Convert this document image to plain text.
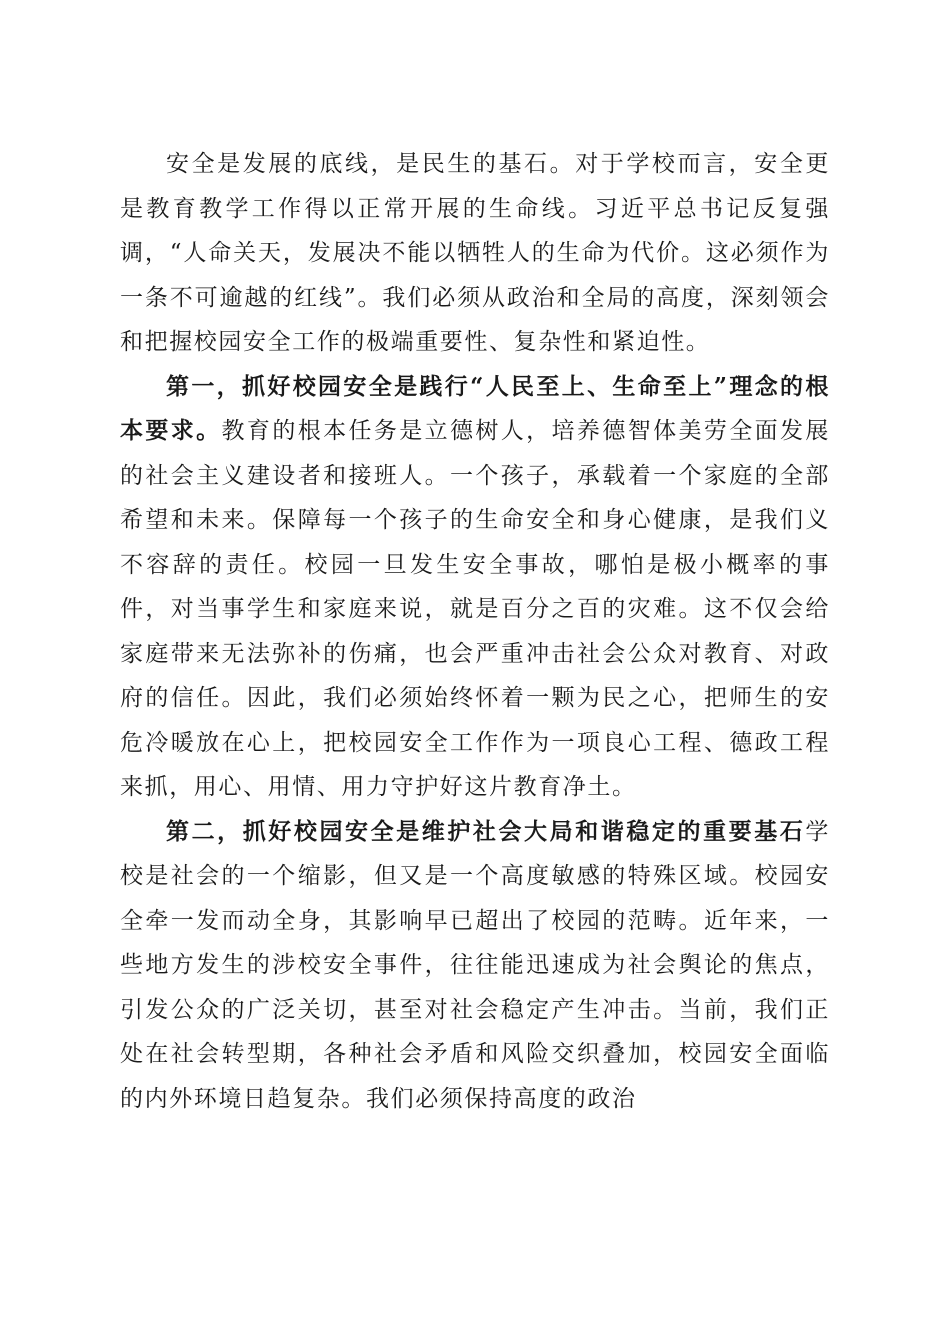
安全是发展的底线，是民生的基石。对于学校而言，安全更是教育教学工作得以正常开展的生命线。习近平总书记反复强调，“人命关天，发展决不能以牺牲人的生命为代价。这必须作为一条不可逾越的红线”。我们必须从政治和全局的高度，深刻领会和把握校园安全工作的极端重要性、复杂性和紧迫性。

第一，抓好校园安全是践行“人民至上、生命至上”理念的根本要求。教育的根本任务是立德树人，培养德智体美劳全面发展的社会主义建设者和接班人。一个孩子，承载着一个家庭的全部希望和未来。保障每一个孩子的生命安全和身心健康，是我们义不容辞的责任。校园一旦发生安全事故，哪怕是极小概率的事件，对当事学生和家庭来说，就是百分之百的灾难。这不仅会给家庭带来无法弥补的伤痛，也会严重冲击社会公众对教育、对政府的信任。因此，我们必须始终怀着一颗为民之心，把师生的安危冷暖放在心上，把校园安全工作作为一项良心工程、德政工程来抓，用心、用情、用力守护好这片教育净土。

第二，抓好校园安全是维护社会大局和谐稳定的重要基石学校是社会的一个缩影，但又是一个高度敏感的特殊区域。校园安全牵一发而动全身，其影响早已超出了校园的范畴。近年来，一些地方发生的涉校安全事件，往往能迅速成为社会舆论的焦点，引发公众的广泛关切，甚至对社会稳定产生冲击。当前，我们正处在社会转型期，各种社会矛盾和风险交织叠加，校园安全面临的内外环境日趋复杂。我们必须保持高度的政治
